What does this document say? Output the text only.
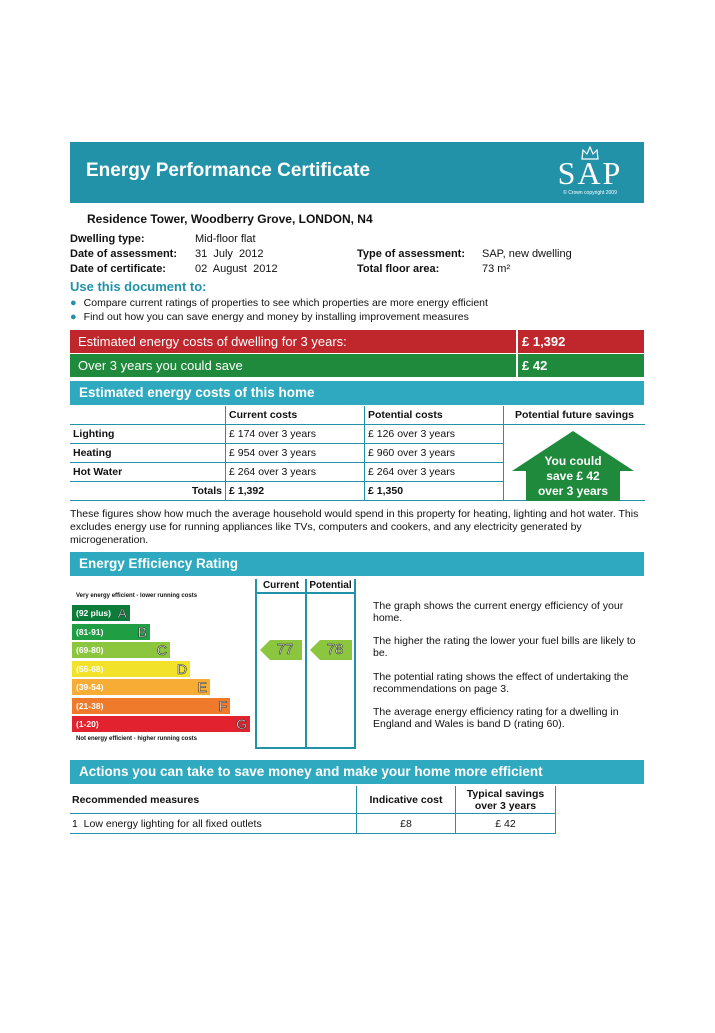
Energy Performance Certificate	SAP
© Crown copyright 2009
Residence Tower, Woodberry Grove, LONDON, N4
Dwelling type:	Mid-floor flat
Date of assessment: 31  July  2012
Date of certificate:	02  August  2012
Type of assessment: SAP, new dwelling
Total floor area:	73 m²
Use this document to:
● Compare current ratings of properties to see which properties are more energy efficient
● Find out how you can save energy and money by installing improvement measures
Estimated energy costs of dwelling for 3 years:	£ 1,392
Over 3 years you could save	£ 42
Estimated energy costs of this home
	Current costs	Potential costs	Potential future savings
Lighting	£ 174 over 3 years	£ 126 over 3 years	
Heating	£ 954 over 3 years	£ 960 over 3 years	
Hot Water	£ 264 over 3 years	£ 264 over 3 years	
Totals	£ 1,392	£ 1,350	
You could
save £ 42
over 3 years
These figures show how much the average household would spend in this property for heating, lighting and hot water. This excludes energy use for running appliances like TVs, computers and cookers, and any electricity generated by microgeneration.
Energy Efficiency Rating
Very energy efficient - lower running costs
(92 plus) A
(81-91) B
(69-80)	C
(55-68)	D
(39-54)	E
(21-38)	F
(1-20)	G
Not energy efficient - higher running costs
Current	Potential
77	78
The graph shows the current energy efficiency of your home.
The higher the rating the lower your fuel bills are likely to be.
The potential rating shows the effect of undertaking the recommendations on page 3.
The average energy efficiency rating for a dwelling in England and Wales is band D (rating 60).
Actions you can take to save money and make your home more efficient
Recommended measures	Indicative cost	Typical savings
over 3 years

1  Low energy lighting for all fixed outlets	£8	£ 42
